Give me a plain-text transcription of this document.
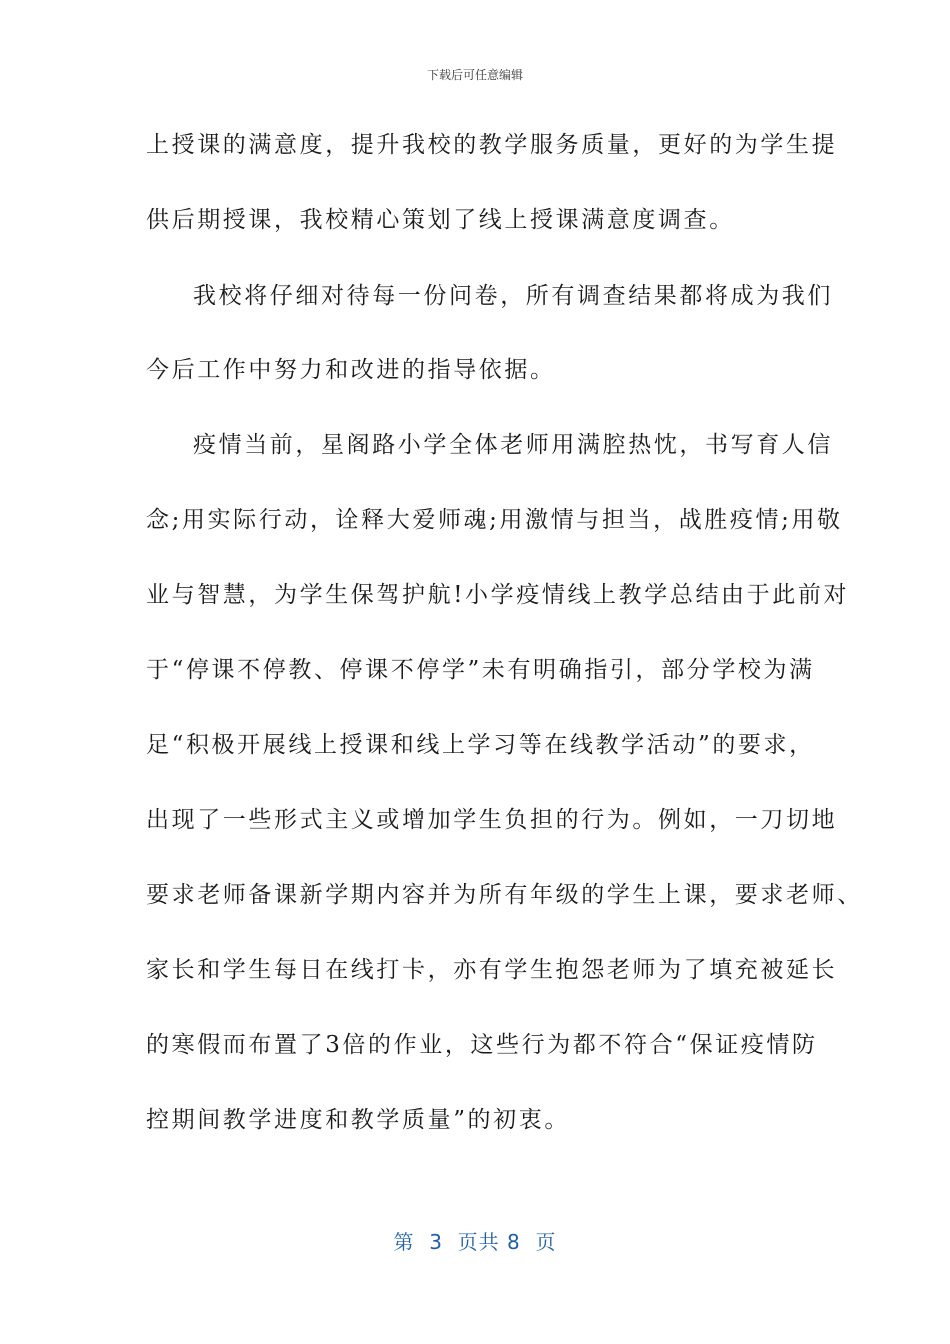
下载后可任意编辑
上授课的满意度，提升我校的教学服务质量，更好的为学生提
供后期授课，我校精心策划了线上授课满意度调查。
我校将仔细对待每一份问卷，所有调查结果都将成为我们
今后工作中努力和改进的指导依据。
疫情当前，星阁路小学全体老师用满腔热忱，书写育人信
念;用实际行动，诠释大爱师魂;用激情与担当，战胜疫情;用敬
业与智慧，为学生保驾护航!小学疫情线上教学总结由于此前对
于“停课不停教、停课不停学”未有明确指引，部分学校为满
足“积极开展线上授课和线上学习等在线教学活动”的要求，
出现了一些形式主义或增加学生负担的行为。例如，一刀切地
要求老师备课新学期内容并为所有年级的学生上课，要求老师、
家长和学生每日在线打卡，亦有学生抱怨老师为了填充被延长
的寒假而布置了3倍的作业，这些行为都不符合“保证疫情防
控期间教学进度和教学质量”的初衷。
第  3  页共 8  页
